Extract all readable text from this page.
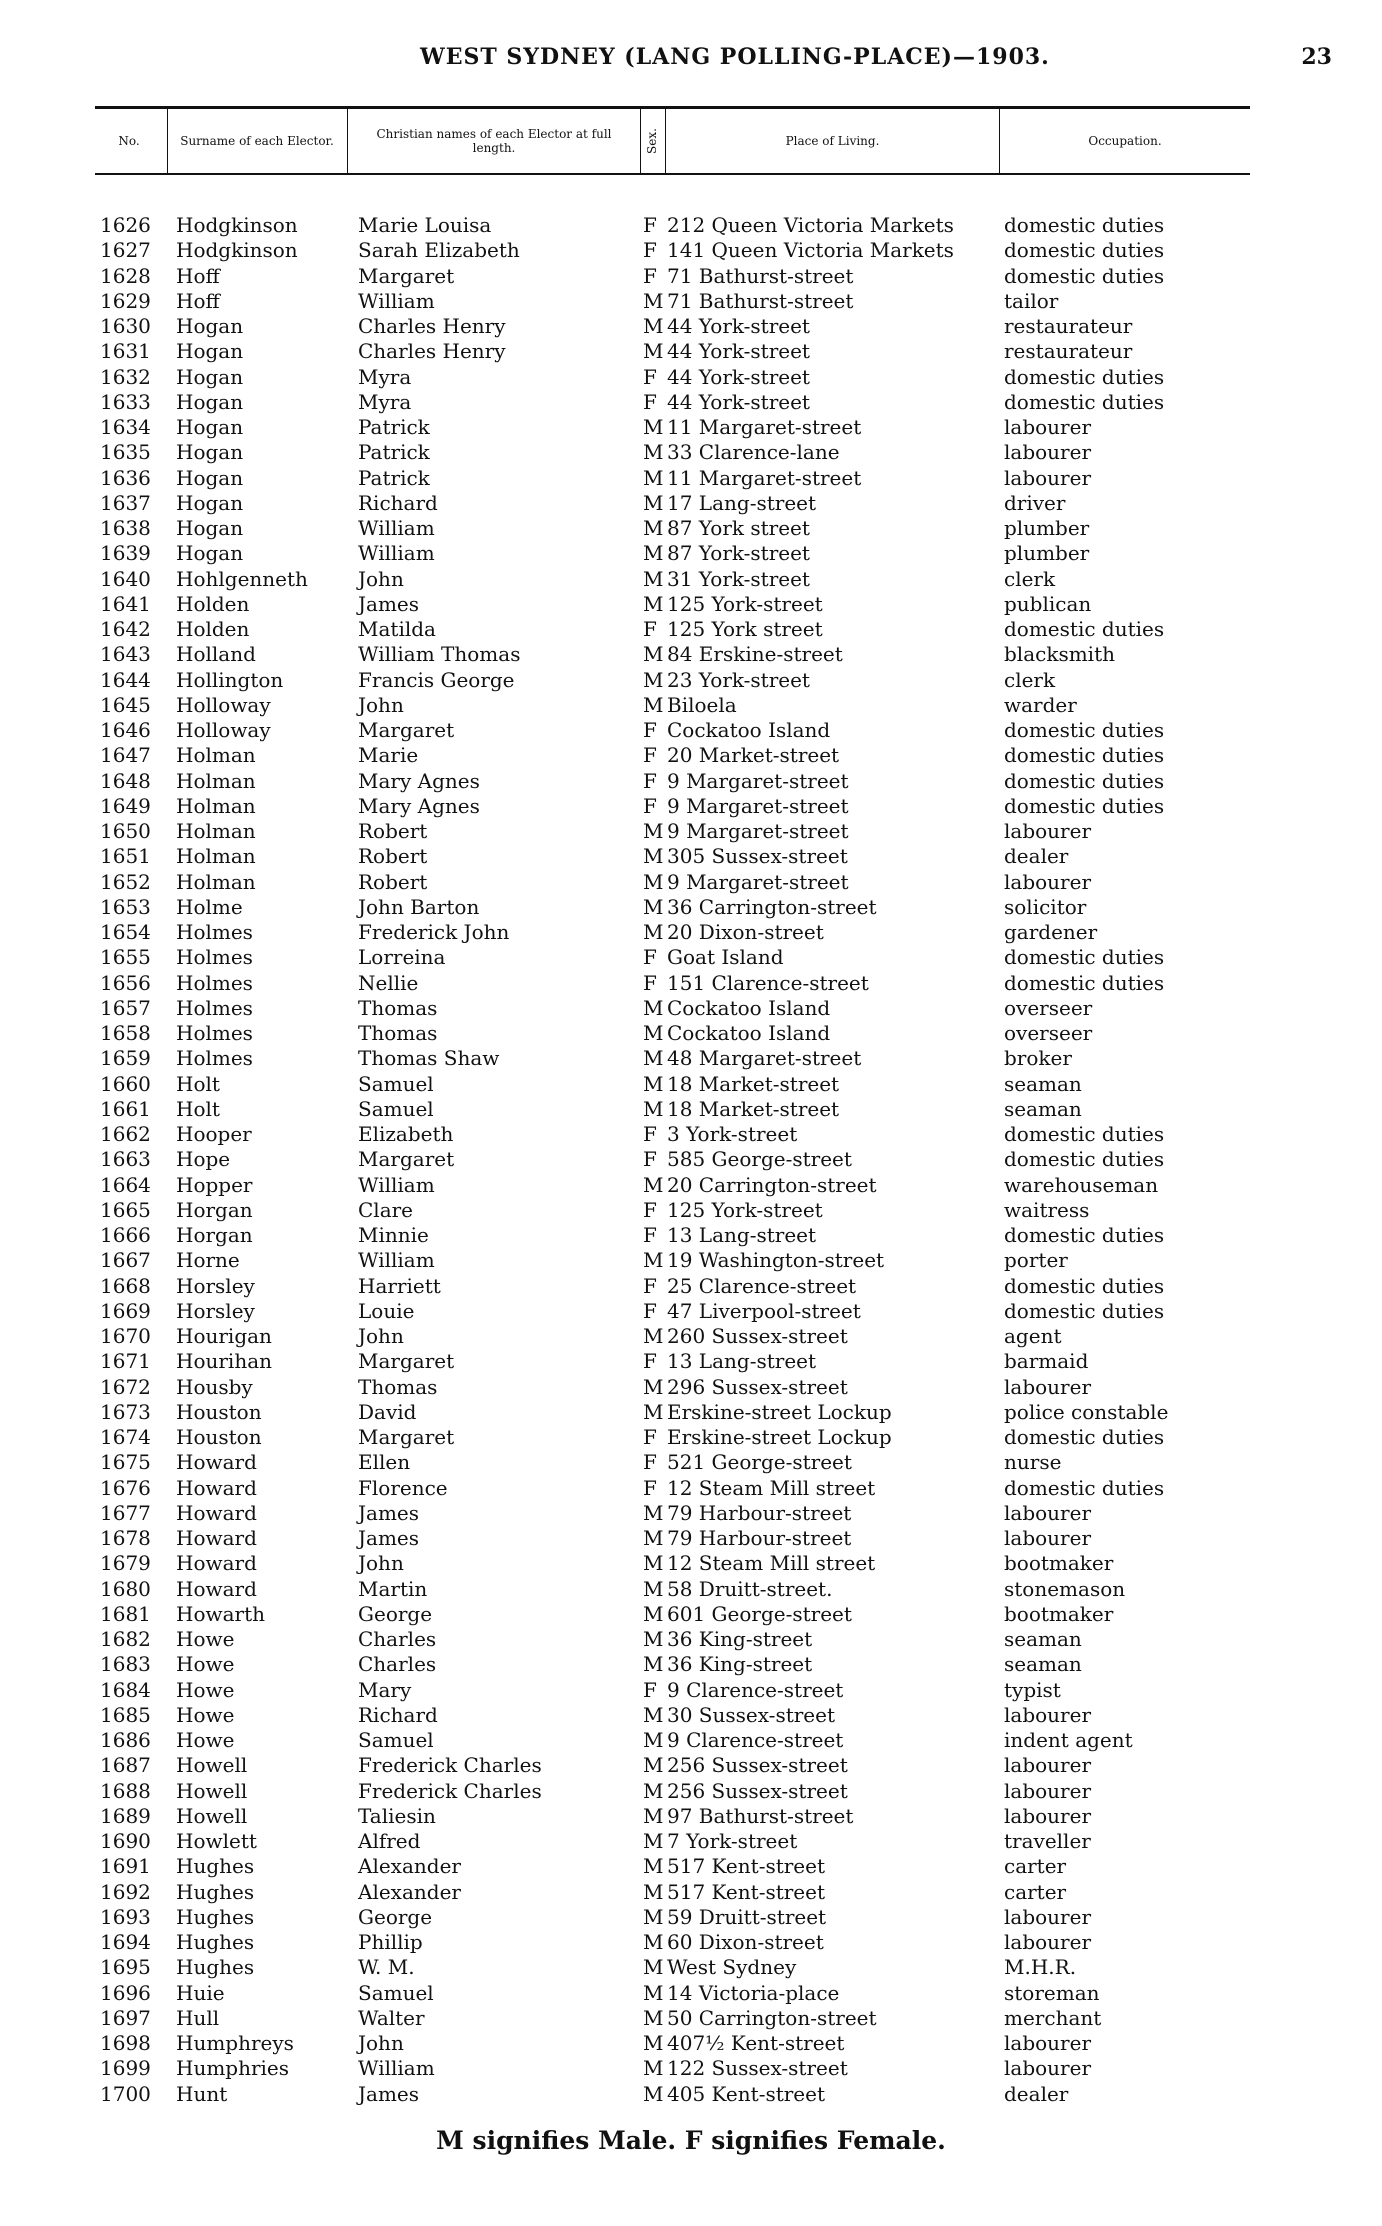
WEST SYDNEY (LANG POLLING-PLACE)—1903.	23
No.	Surname of each Elector.	Christian names of each Elector at full length.	Sex.	Place of Living.	Occupation.
1626	Hodgkinson	Marie Louisa	F 212 Queen Victoria Markets	domestic duties
1627	Hodgkinson	Sarah Elizabeth	F 141 Queen Victoria Markets	domestic duties
1628	Hoff	Margaret	F 71 Bathurst-street	domestic duties
1629	Hoff	William	M 71 Bathurst-street	tailor
1630	Hogan	Charles Henry	M 44 York-street	restaurateur
1631	Hogan	Charles Henry	M 44 York-street	restaurateur
1632	Hogan	Myra	F 44 York-street	domestic duties
1633	Hogan	Myra	F 44 York-street	domestic duties
1634	Hogan	Patrick	M 11 Margaret-street	labourer
1635	Hogan	Patrick	M 33 Clarence-lane	labourer
1636	Hogan	Patrick	M 11 Margaret-street	labourer
1637	Hogan	Richard	M 17 Lang-street	driver
1638	Hogan	William	M 87 York street	plumber
1639	Hogan	William	M 87 York-street	plumber
1640	Hohlgenneth	John	M 31 York-street	clerk
1641	Holden	James	M 125 York-street	publican
1642	Holden	Matilda	F 125 York street	domestic duties
1643	Holland	William Thomas	M 84 Erskine-street	blacksmith
1644	Hollington	Francis George	M 23 York-street	clerk
1645	Holloway	John	M Biloela	warder
1646	Holloway	Margaret	F Cockatoo Island	domestic duties
1647	Holman	Marie	F 20 Market-street	domestic duties
1648	Holman	Mary Agnes	F 9 Margaret-street	domestic duties
1649	Holman	Mary Agnes	F 9 Margaret-street	domestic duties
1650	Holman	Robert	M 9 Margaret-street	labourer
1651	Holman	Robert	M 305 Sussex-street	dealer
1652	Holman	Robert	M 9 Margaret-street	labourer
1653	Holme	John Barton	M 36 Carrington-street	solicitor
1654	Holmes	Frederick John	M 20 Dixon-street	gardener
1655	Holmes	Lorreina	F Goat Island	domestic duties
1656	Holmes	Nellie	F 151 Clarence-street	domestic duties
1657	Holmes	Thomas	M Cockatoo Island	overseer
1658	Holmes	Thomas	M Cockatoo Island	overseer
1659	Holmes	Thomas Shaw	M 48 Margaret-street	broker
1660	Holt	Samuel	M 18 Market-street	seaman
1661	Holt	Samuel	M 18 Market-street	seaman
1662	Hooper	Elizabeth	F 3 York-street	domestic duties
1663	Hope	Margaret	F 585 George-street	domestic duties
1664	Hopper	William	M 20 Carrington-street	warehouseman
1665	Horgan	Clare	F 125 York-street	waitress
1666	Horgan	Minnie	F 13 Lang-street	domestic duties
1667	Horne	William	M 19 Washington-street	porter
1668	Horsley	Harriett	F 25 Clarence-street	domestic duties
1669	Horsley	Louie	F 47 Liverpool-street	domestic duties
1670	Hourigan	John	M 260 Sussex-street	agent
1671	Hourihan	Margaret	F 13 Lang-street	barmaid
1672	Housby	Thomas	M 296 Sussex-street	labourer
1673	Houston	David	M Erskine-street Lockup	police constable
1674	Houston	Margaret	F Erskine-street Lockup	domestic duties
1675	Howard	Ellen	F 521 George-street	nurse
1676	Howard	Florence	F 12 Steam Mill street	domestic duties
1677	Howard	James	M 79 Harbour-street	labourer
1678	Howard	James	M 79 Harbour-street	labourer
1679	Howard	John	M 12 Steam Mill street	bootmaker
1680	Howard	Martin	M 58 Druitt-street.	stonemason
1681	Howarth	George	M 601 George-street	bootmaker
1682	Howe	Charles	M 36 King-street	seaman
1683	Howe	Charles	M 36 King-street	seaman
1684	Howe	Mary	F 9 Clarence-street	typist
1685	Howe	Richard	M 30 Sussex-street	labourer
1686	Howe	Samuel	M 9 Clarence-street	indent agent
1687	Howell	Frederick Charles	M 256 Sussex-street	labourer
1688	Howell	Frederick Charles	M 256 Sussex-street	labourer
1689	Howell	Taliesin	M 97 Bathurst-street	labourer
1690	Howlett	Alfred	M 7 York-street	traveller
1691	Hughes	Alexander	M 517 Kent-street	carter
1692	Hughes	Alexander	M 517 Kent-street	carter
1693	Hughes	George	M 59 Druitt-street	labourer
1694	Hughes	Phillip	M 60 Dixon-street	labourer
1695	Hughes	W. M.	M West Sydney	M.H.R.
1696	Huie	Samuel	M 14 Victoria-place	storeman
1697	Hull	Walter	M 50 Carrington-street	merchant
1698	Humphreys	John	M 407½ Kent-street	labourer
1699	Humphries	William	M 122 Sussex-street	labourer
1700	Hunt	James	M 405 Kent-street	dealer
M signifies Male. F signifies Female.
